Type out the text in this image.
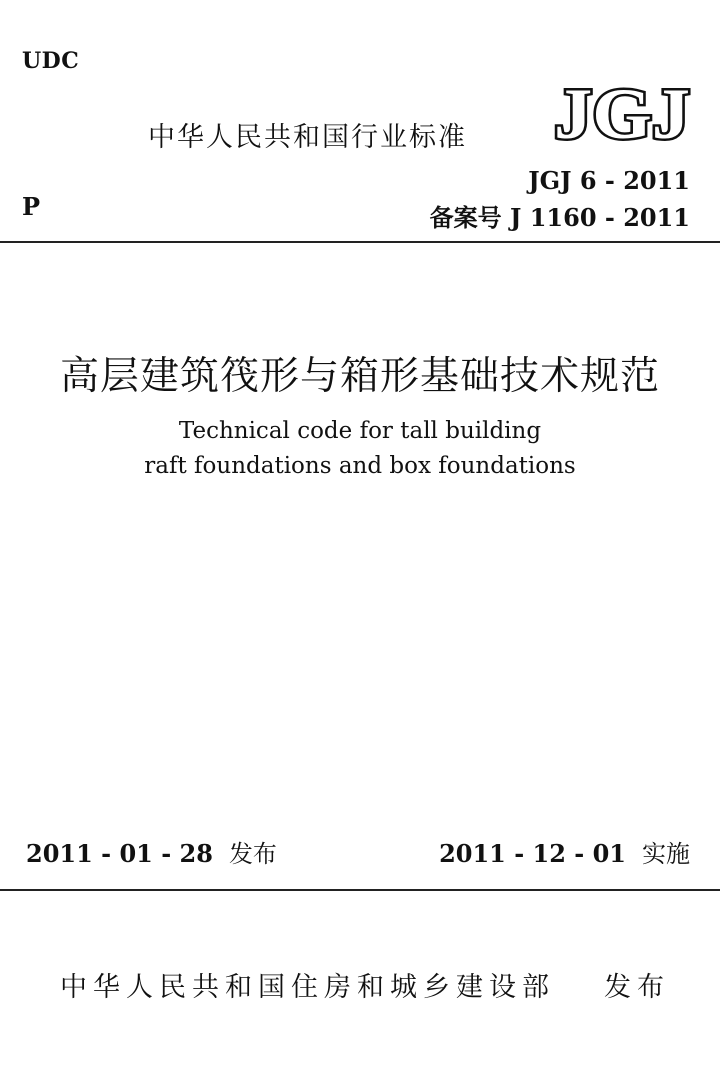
UDC
中华人民共和国行业标准 JGJ
JGJ 6 - 2011
备案号 J 1160 - 2011
P
高层建筑筏形与箱形基础技术规范
Technical code for tall building
raft foundations and box foundations
2011 - 01 - 28 发布	2011 - 12 - 01 实施
中华人民共和国住房和城乡建设部 发布
